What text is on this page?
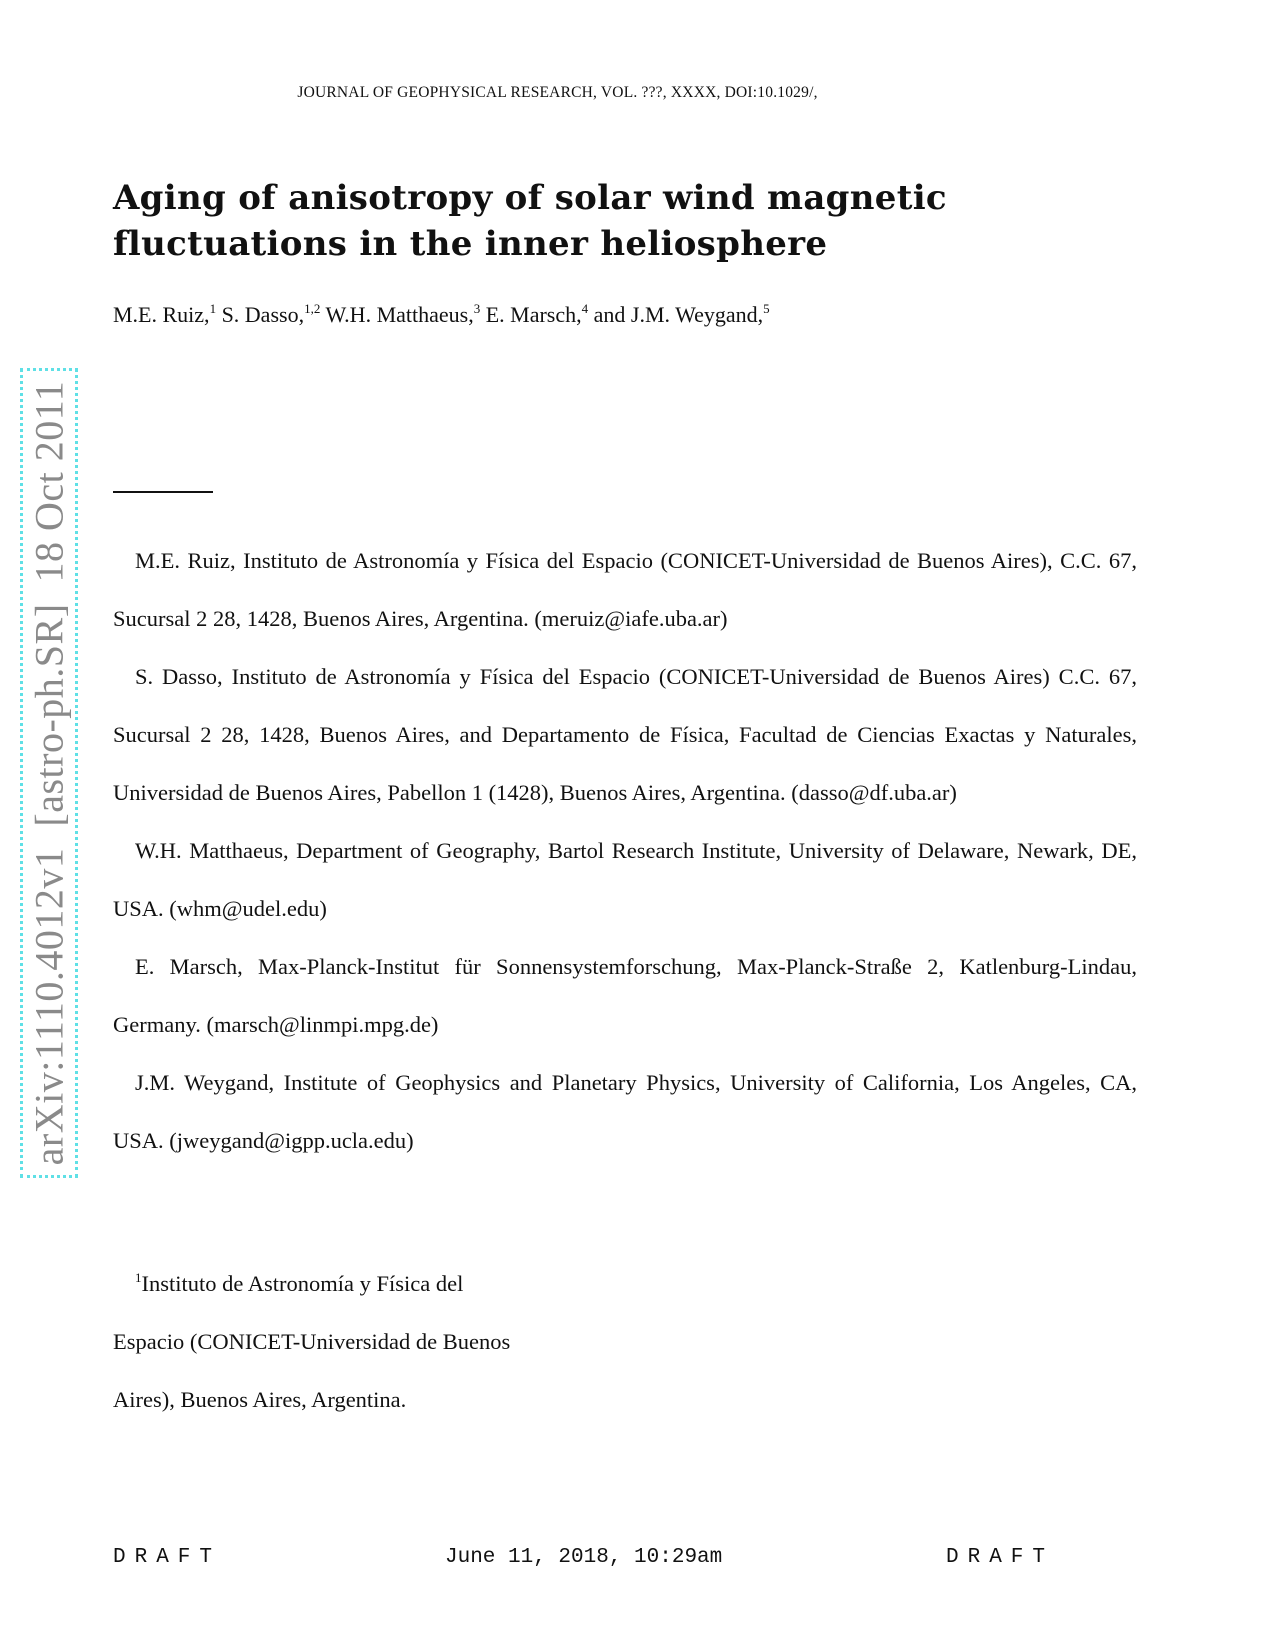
JOURNAL OF GEOPHYSICAL RESEARCH, VOL. ???, XXXX, DOI:10.1029/,
Aging of anisotropy of solar wind magnetic
fluctuations in the inner heliosphere
M.E. Ruiz,$^1$ S. Dasso,$^{1,2}$ W.H. Matthaeus,$^3$ E. Marsch,$^4$ and J.M. Weygand,$^5$

M.E. Ruiz, Instituto de Astronomía y Física del Espacio (CONICET-Universidad de Buenos Aires), C.C. 67, Sucursal 2 28, 1428, Buenos Aires, Argentina. (meruiz@iafe.uba.ar)

S. Dasso, Instituto de Astronomía y Física del Espacio (CONICET-Universidad de Buenos Aires) C.C. 67, Sucursal 2 28, 1428, Buenos Aires, and Departamento de Física, Facultad de Ciencias Exactas y Naturales, Universidad de Buenos Aires, Pabellon 1 (1428), Buenos Aires, Argentina. (dasso@df.uba.ar)

W.H. Matthaeus, Department of Geography, Bartol Research Institute, University of Delaware, Newark, DE, USA. (whm@udel.edu)

E. Marsch, Max-Planck-Institut für Sonnensystemforschung, Max-Planck-Straße 2, Katlenburg-Lindau, Germany. (marsch@linmpi.mpg.de)

J.M. Weygand, Institute of Geophysics and Planetary Physics, University of California, Los Angeles, CA, USA. (jweygand@igpp.ucla.edu)

$^1$Instituto de Astronomía y Física del

Espacio (CONICET-Universidad de Buenos

Aires), Buenos Aires, Argentina.

DRAFT	June 11, 2018, 10:29am	DRAFT
arXiv:1110.4012v1  [astro-ph.SR]  18 Oct 2011
